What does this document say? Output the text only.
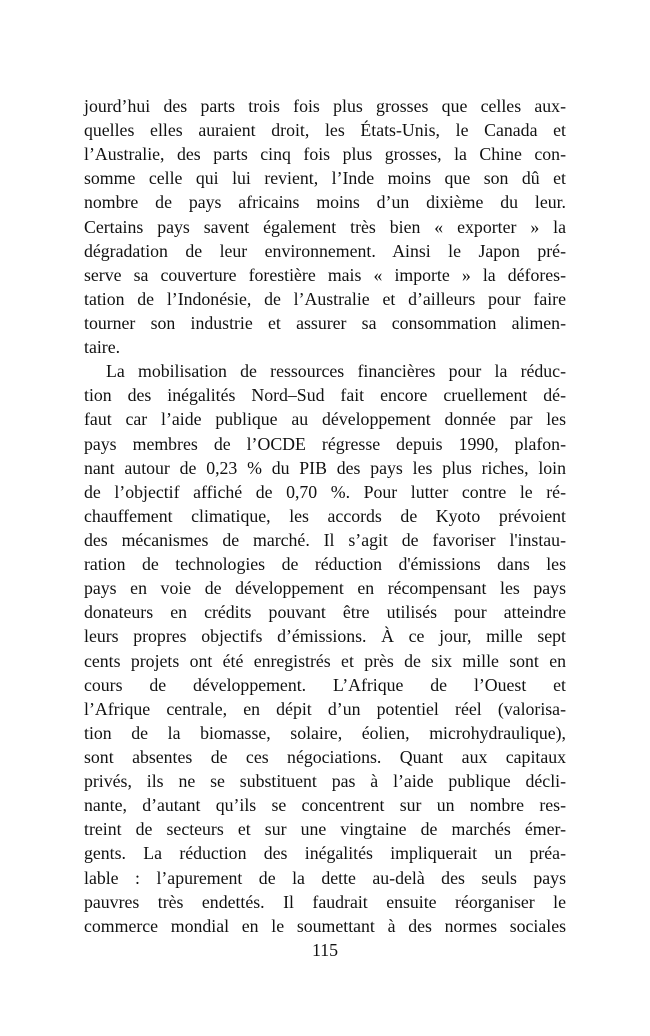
jourd’hui des parts trois fois plus grosses que celles aux-
quelles elles auraient droit, les États-Unis, le Canada et
l’Australie, des parts cinq fois plus grosses, la Chine con-
somme celle qui lui revient, l’Inde moins que son dû et
nombre de pays africains moins d’un dixième du leur.
Certains pays savent également très bien « exporter » la
dégradation de leur environnement. Ainsi le Japon pré-
serve sa couverture forestière mais « importe » la défores-
tation de l’Indonésie, de l’Australie et d’ailleurs pour faire
tourner son industrie et assurer sa consommation alimen-
taire.
La mobilisation de ressources financières pour la réduc-
tion des inégalités Nord–Sud fait encore cruellement dé-
faut car l’aide publique au développement donnée par les
pays membres de l’OCDE régresse depuis 1990, plafon-
nant autour de 0,23 % du PIB des pays les plus riches, loin
de l’objectif affiché de 0,70 %. Pour lutter contre le ré-
chauffement climatique, les accords de Kyoto prévoient
des mécanismes de marché. Il s’agit de favoriser l'instau-
ration de technologies de réduction d'émissions dans les
pays en voie de développement en récompensant les pays
donateurs en crédits pouvant être utilisés pour atteindre
leurs propres objectifs d’émissions. À ce jour, mille sept
cents projets ont été enregistrés et près de six mille sont en
cours de développement. L’Afrique de l’Ouest et
l’Afrique centrale, en dépit d’un potentiel réel (valorisa-
tion de la biomasse, solaire, éolien, microhydraulique),
sont absentes de ces négociations. Quant aux capitaux
privés, ils ne se substituent pas à l’aide publique décli-
nante, d’autant qu’ils se concentrent sur un nombre res-
treint de secteurs et sur une vingtaine de marchés émer-
gents. La réduction des inégalités impliquerait un préa-
lable : l’apurement de la dette au-delà des seuls pays
pauvres très endettés. Il faudrait ensuite réorganiser le
commerce mondial en le soumettant à des normes sociales
115
